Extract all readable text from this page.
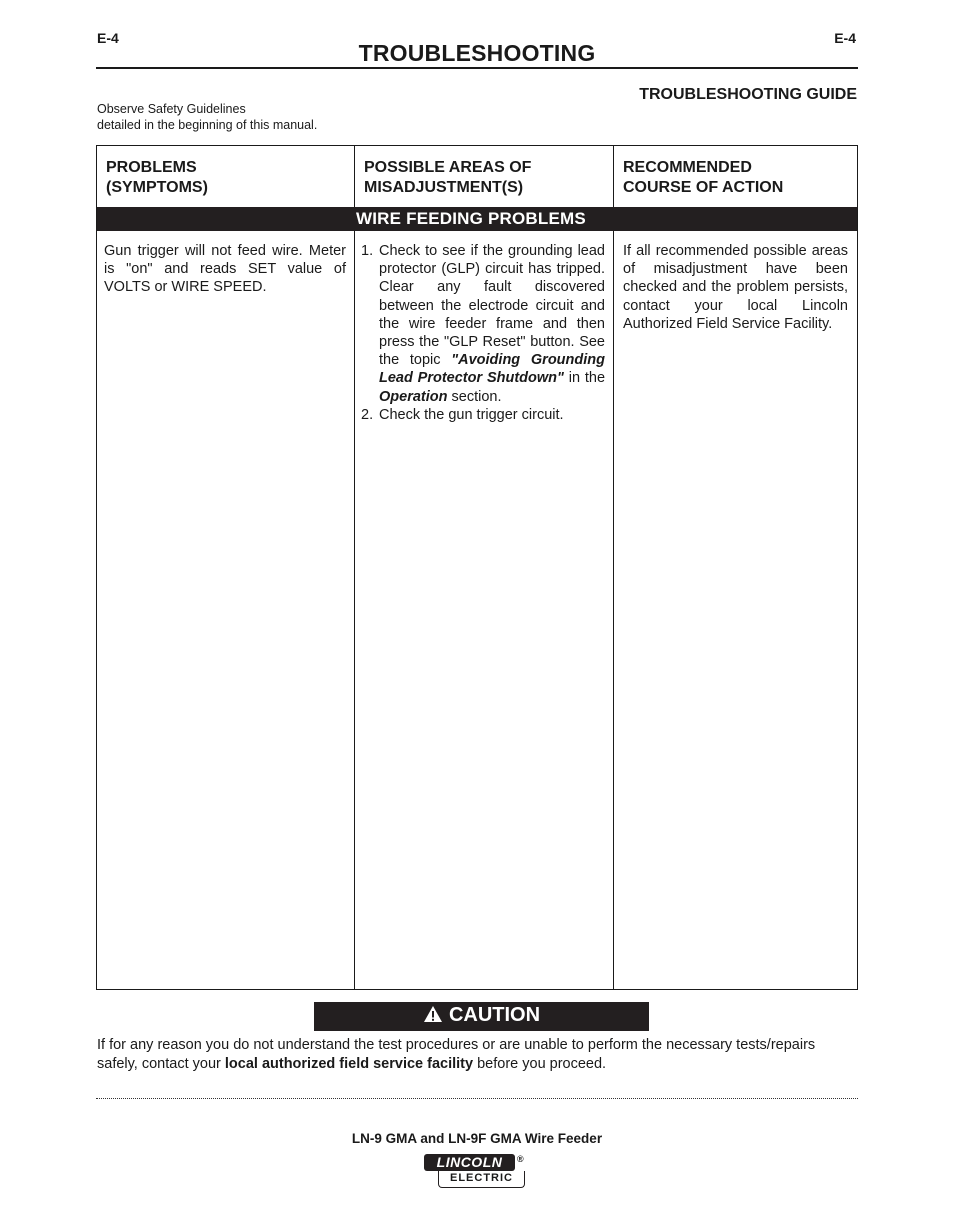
E-4	E-4
TROUBLESHOOTING
TROUBLESHOOTING GUIDE
Observe Safety Guidelines
detailed in the beginning of this manual.
PROBLEMS
(SYMPTOMS)
POSSIBLE AREAS OF
MISADJUSTMENT(S)
RECOMMENDED
COURSE OF ACTION
WIRE FEEDING PROBLEMS
Gun trigger will not feed wire. Meter is "on" and reads SET value of VOLTS or WIRE SPEED.
1. Check to see if the grounding lead protector (GLP) circuit has tripped. Clear any fault discovered between the electrode circuit and the wire feeder frame and then press the "GLP Reset" button. See the topic "Avoiding Grounding Lead Protector Shutdown" in the Operation section.
2. Check the gun trigger circuit.
If all recommended possible areas of misadjustment have been checked and the problem persists, contact your local Lincoln Authorized Field Service Facility.
CAUTION
If for any reason you do not understand the test procedures or are unable to perform the necessary tests/repairs safely, contact your local authorized field service facility before you proceed.
LN-9 GMA and LN-9F GMA Wire Feeder
LINCOLN	®
ELECTRIC
